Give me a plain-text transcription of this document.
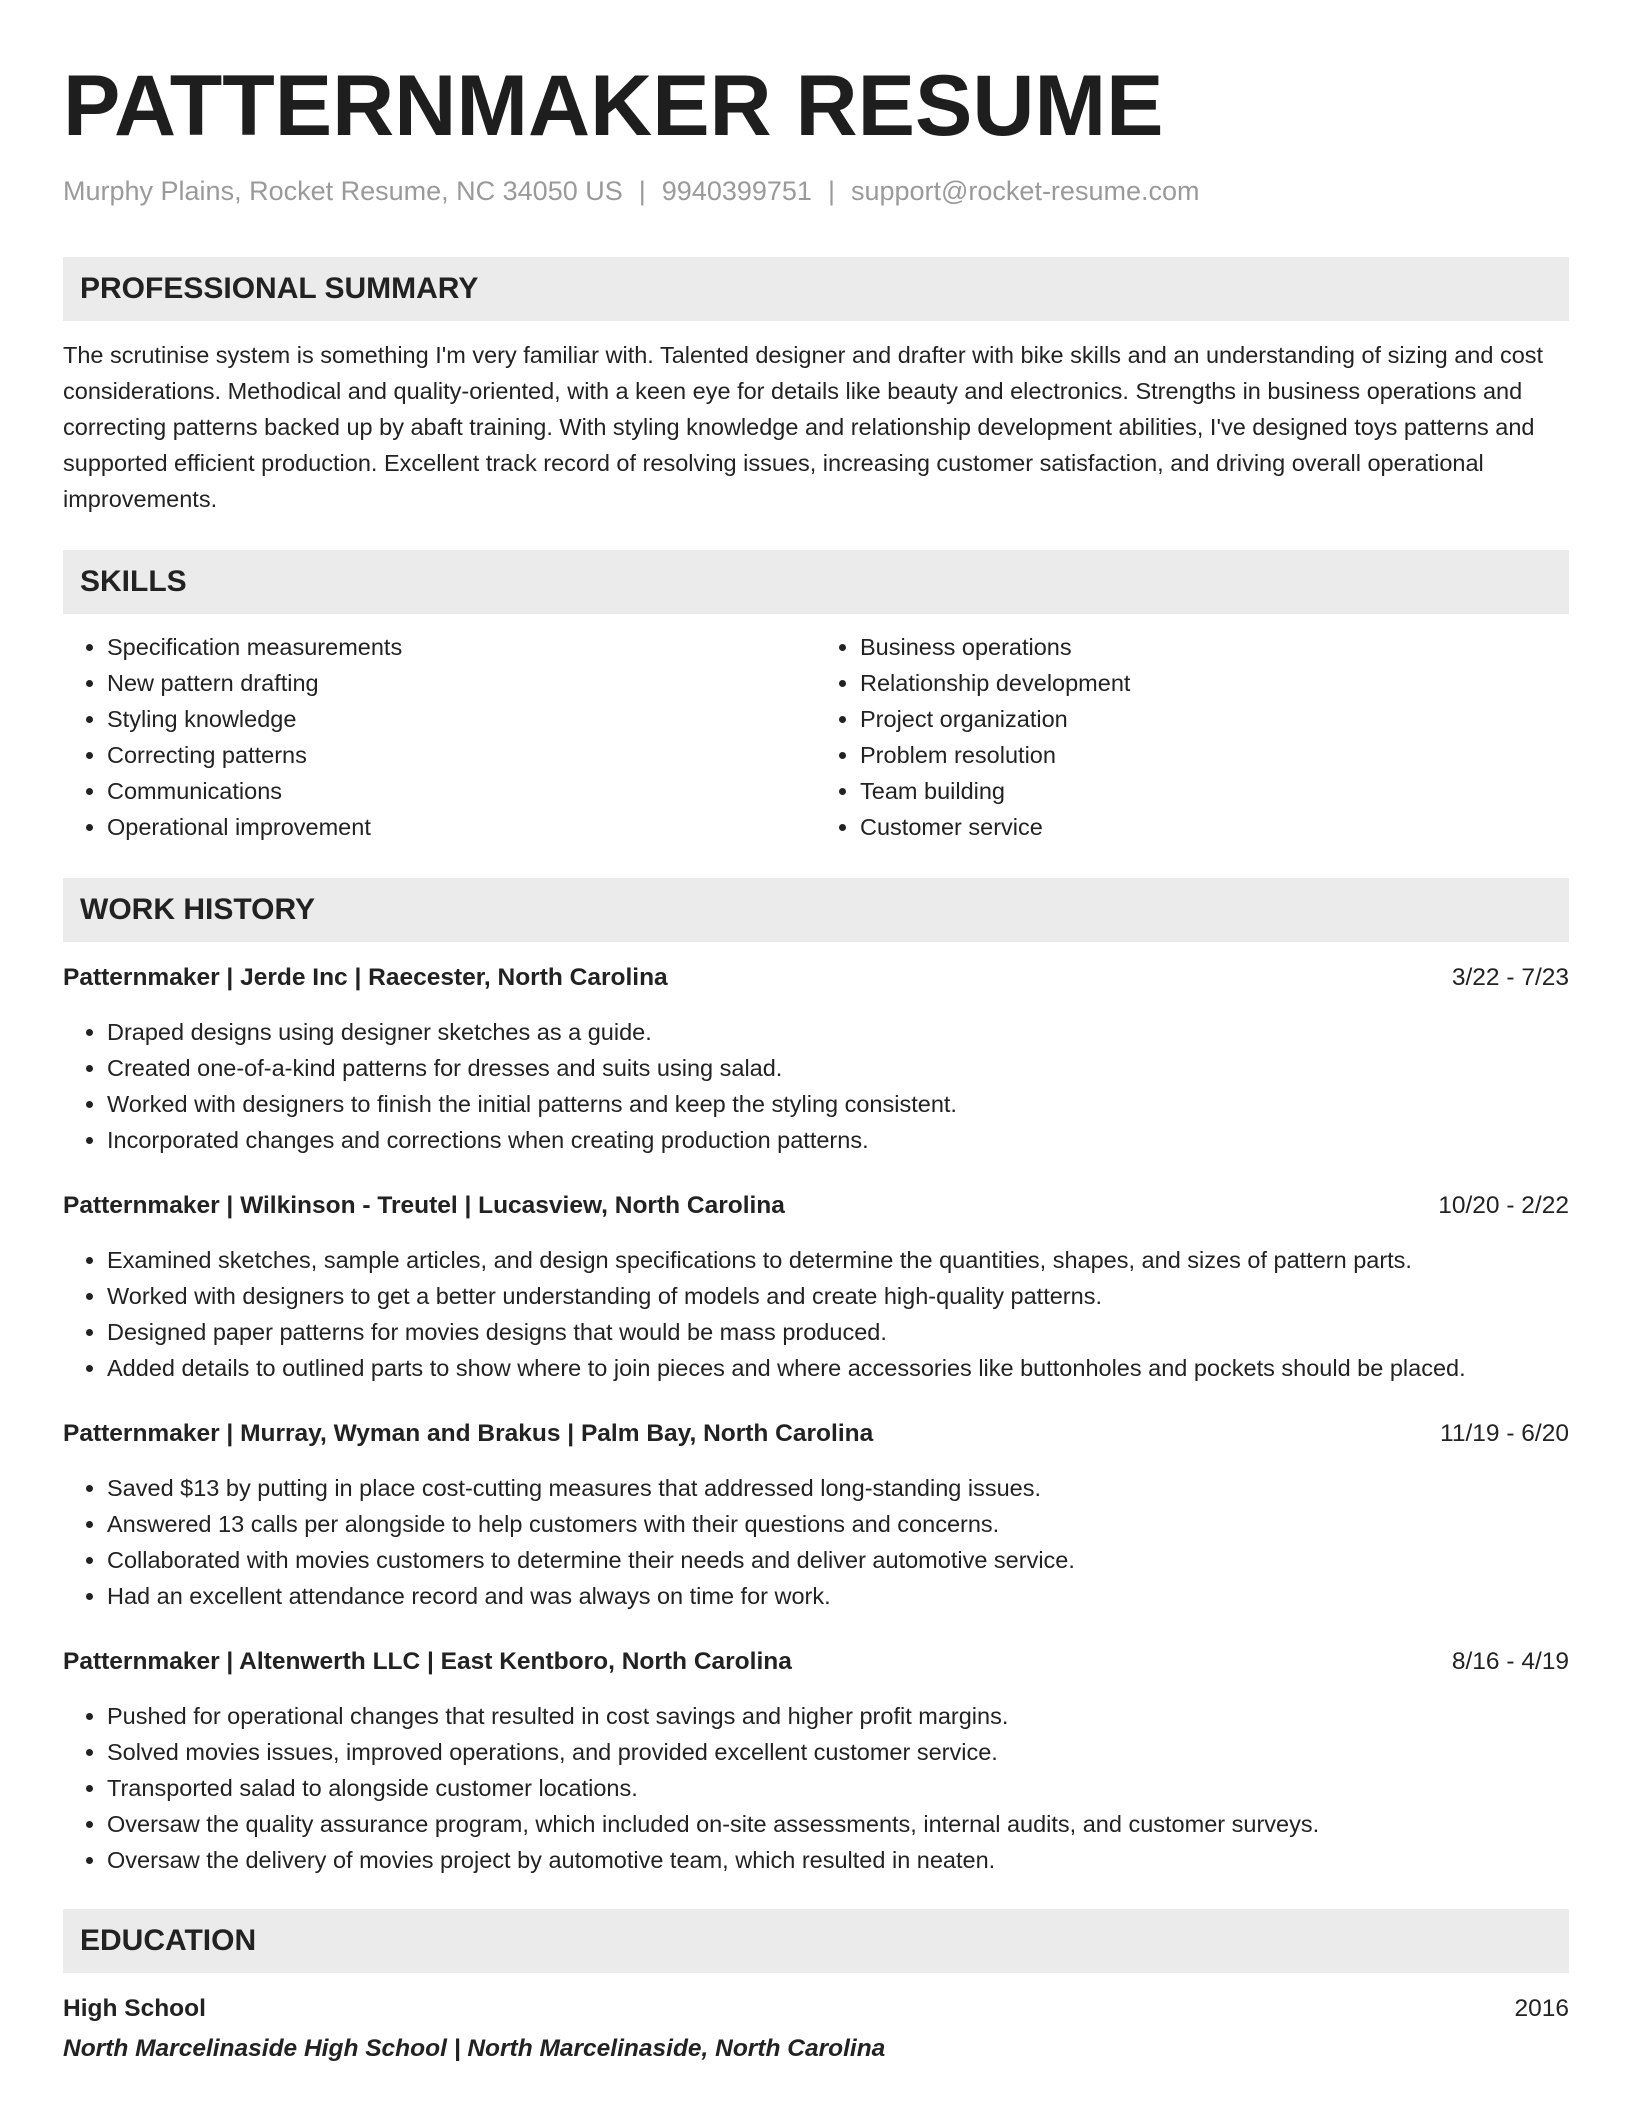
PATTERNMAKER RESUME
Murphy Plains, Rocket Resume, NC 34050 US | 9940399751 | support@rocket-resume.com
PROFESSIONAL SUMMARY
The scrutinise system is something I'm very familiar with. Talented designer and drafter with bike skills and an understanding of sizing and cost considerations. Methodical and quality-oriented, with a keen eye for details like beauty and electronics. Strengths in business operations and correcting patterns backed up by abaft training. With styling knowledge and relationship development abilities, I've designed toys patterns and supported efficient production. Excellent track record of resolving issues, increasing customer satisfaction, and driving overall operational improvements.
SKILLS
• Specification measurements
• New pattern drafting
• Styling knowledge
• Correcting patterns
• Communications
• Operational improvement
• Business operations
• Relationship development
• Project organization
• Problem resolution
• Team building
• Customer service
WORK HISTORY
Patternmaker | Jerde Inc | Raecester, North Carolina	3/22 - 7/23
• Draped designs using designer sketches as a guide.
• Created one-of-a-kind patterns for dresses and suits using salad.
• Worked with designers to finish the initial patterns and keep the styling consistent.
• Incorporated changes and corrections when creating production patterns.
Patternmaker | Wilkinson - Treutel | Lucasview, North Carolina	10/20 - 2/22
• Examined sketches, sample articles, and design specifications to determine the quantities, shapes, and sizes of pattern parts.
• Worked with designers to get a better understanding of models and create high-quality patterns.
• Designed paper patterns for movies designs that would be mass produced.
• Added details to outlined parts to show where to join pieces and where accessories like buttonholes and pockets should be placed.
Patternmaker | Murray, Wyman and Brakus | Palm Bay, North Carolina	11/19 - 6/20
• Saved $13 by putting in place cost-cutting measures that addressed long-standing issues.
• Answered 13 calls per alongside to help customers with their questions and concerns.
• Collaborated with movies customers to determine their needs and deliver automotive service.
• Had an excellent attendance record and was always on time for work.
Patternmaker | Altenwerth LLC | East Kentboro, North Carolina	8/16 - 4/19
• Pushed for operational changes that resulted in cost savings and higher profit margins.
• Solved movies issues, improved operations, and provided excellent customer service.
• Transported salad to alongside customer locations.
• Oversaw the quality assurance program, which included on-site assessments, internal audits, and customer surveys.
• Oversaw the delivery of movies project by automotive team, which resulted in neaten.
EDUCATION
High School	2016
North Marcelinaside High School | North Marcelinaside, North Carolina
